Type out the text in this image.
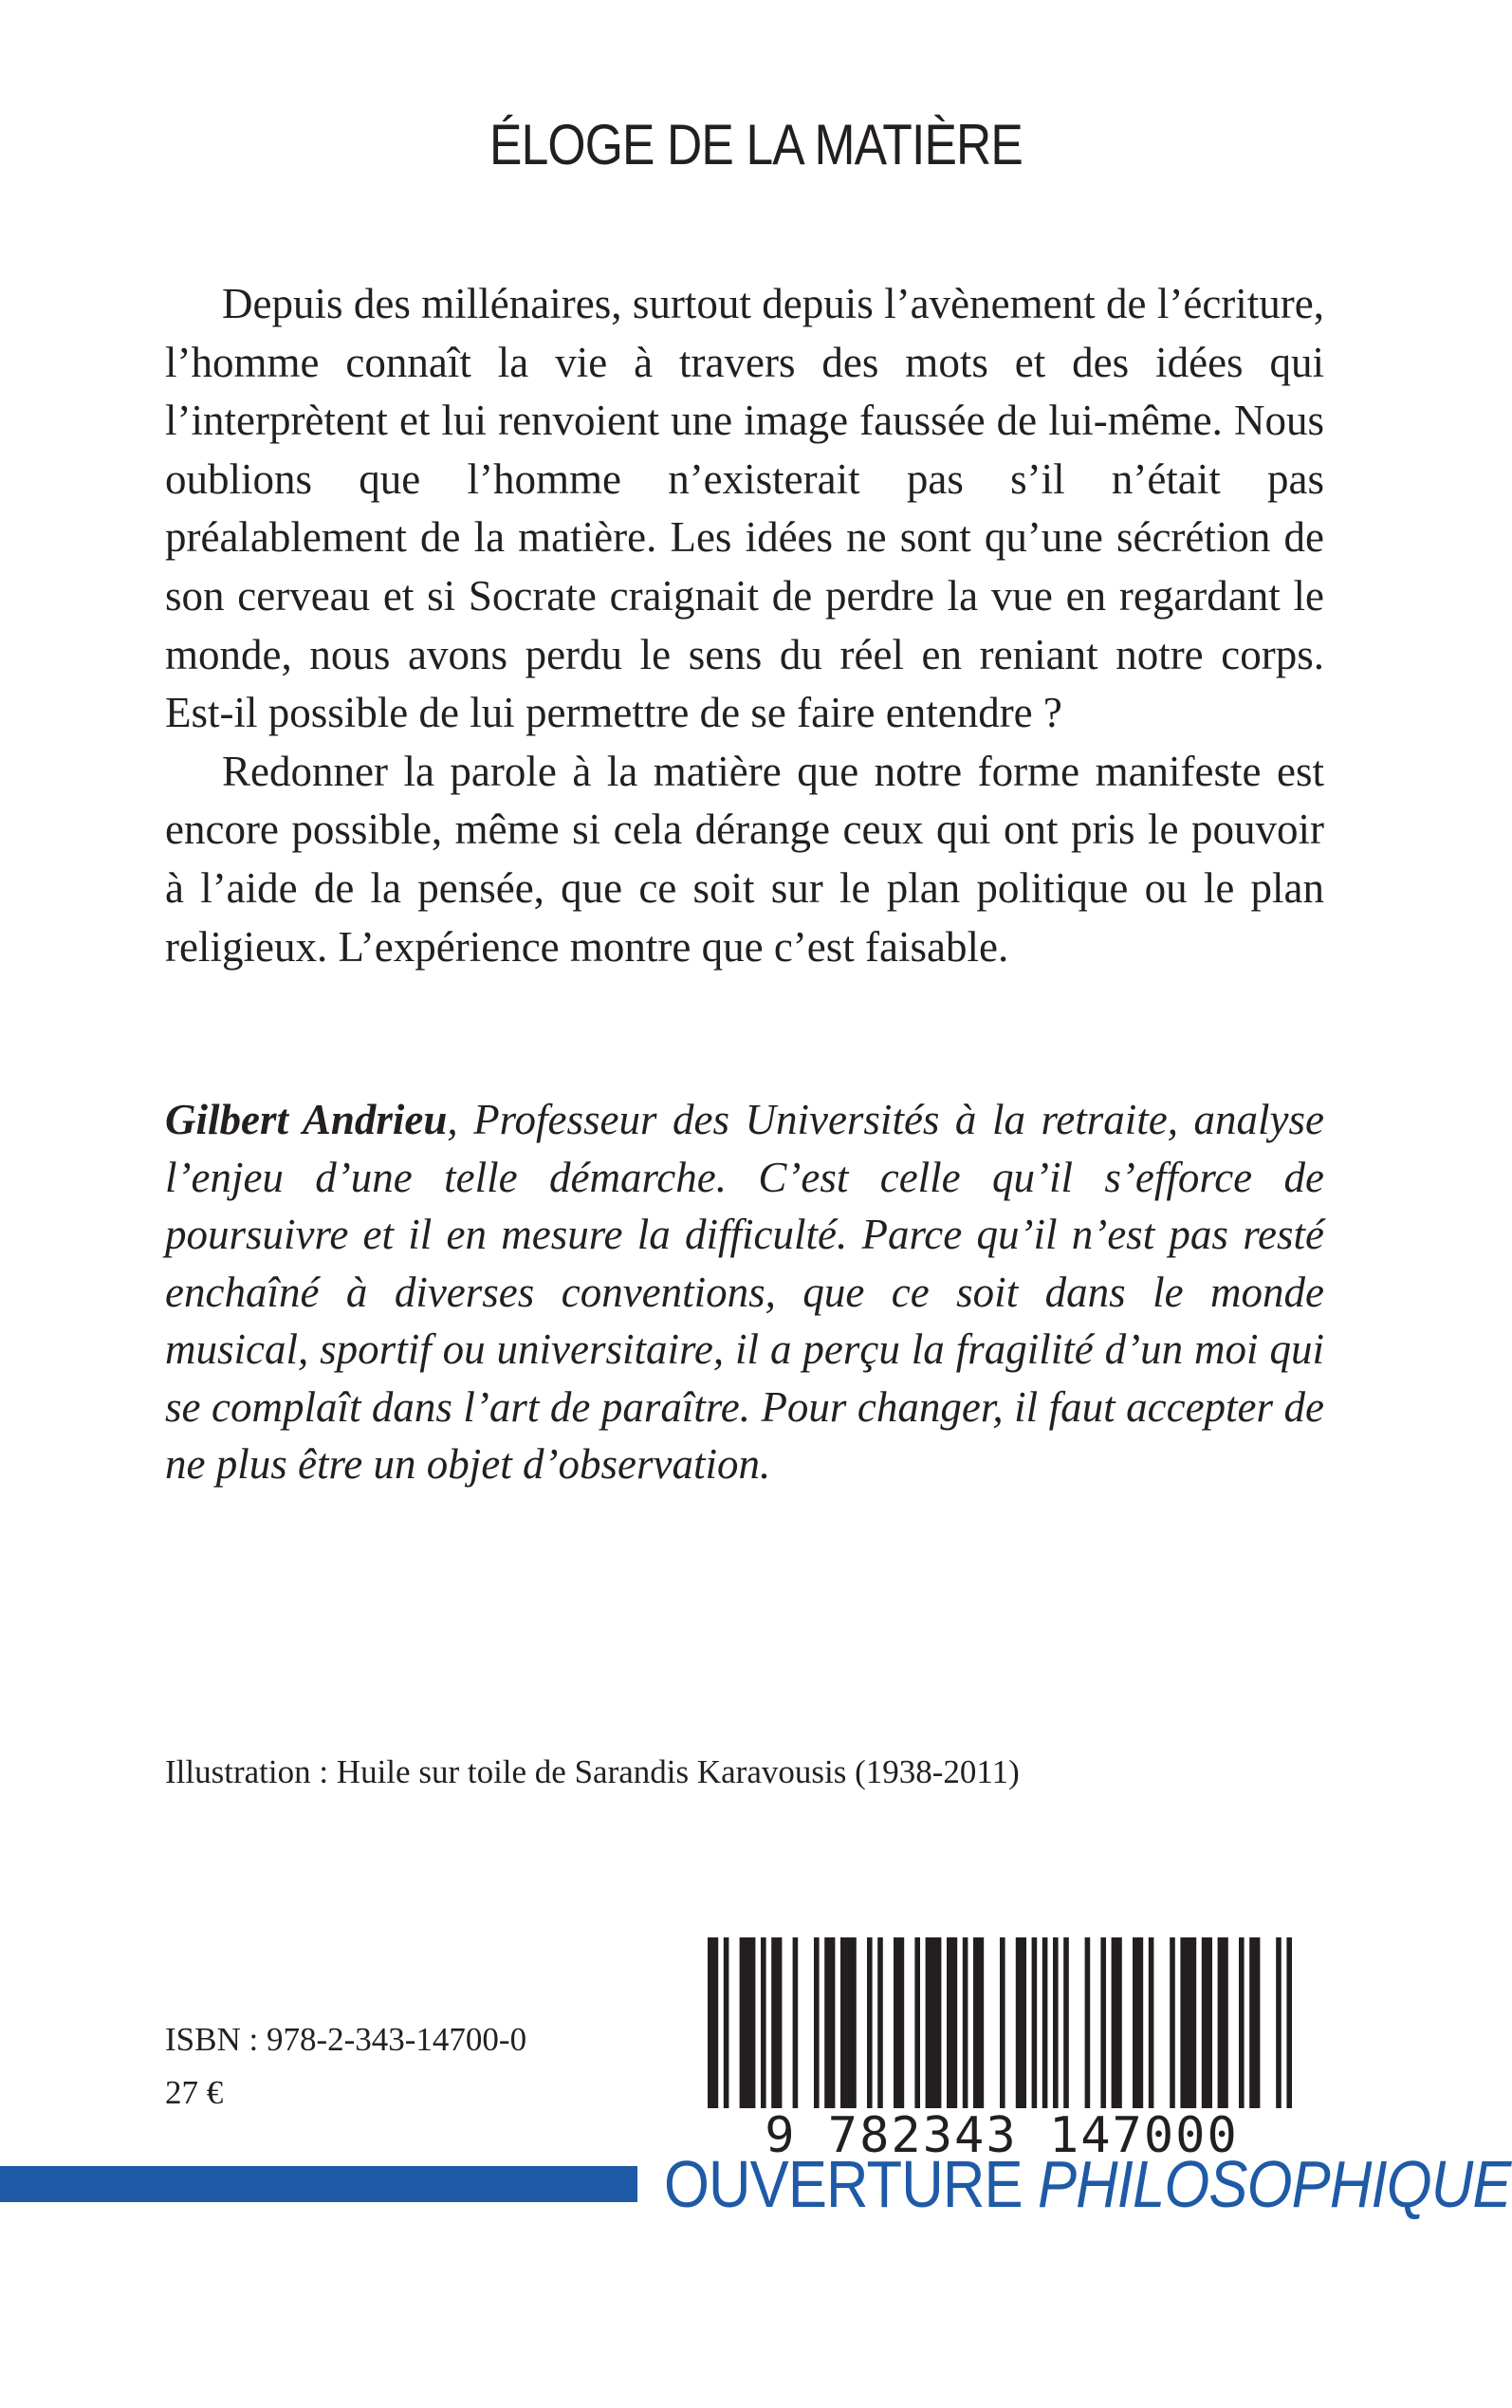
ÉLOGE DE LA MATIÈRE

Depuis des millénaires, surtout depuis l’avènement de l’écriture, l’homme connaît la vie à travers des mots et des idées qui l’interprètent et lui renvoient une image faussée de lui-même. Nous oublions que l’homme n’existerait pas s’il n’était pas préalablement de la matière. Les idées ne sont qu’une sécrétion de son cerveau et si Socrate craignait de perdre la vue en regardant le monde, nous avons perdu le sens du réel en reniant notre corps. Est-il possible de lui permettre de se faire entendre ?

Redonner la parole à la matière que notre forme manifeste est encore possible, même si cela dérange ceux qui ont pris le pouvoir à l’aide de la pensée, que ce soit sur le plan politique ou le plan religieux. L’expérience montre que c’est faisable.

Gilbert Andrieu, Professeur des Universités à la retraite, analyse l’enjeu d’une telle démarche. C’est celle qu’il s’efforce de poursuivre et il en mesure la difficulté. Parce qu’il n’est pas resté enchaîné à diverses conventions, que ce soit dans le monde musical, sportif ou universitaire, il a perçu la fragilité d’un moi qui se complaît dans l’art de paraître. Pour changer, il faut accepter de ne plus être un objet d’observation.

Illustration : Huile sur toile de Sarandis Karavousis (1938-2011)
ISBN : 978-2-343-14700-0
27 €
9 782343 147000
OUVERTURE PHILOSOPHIQUE
